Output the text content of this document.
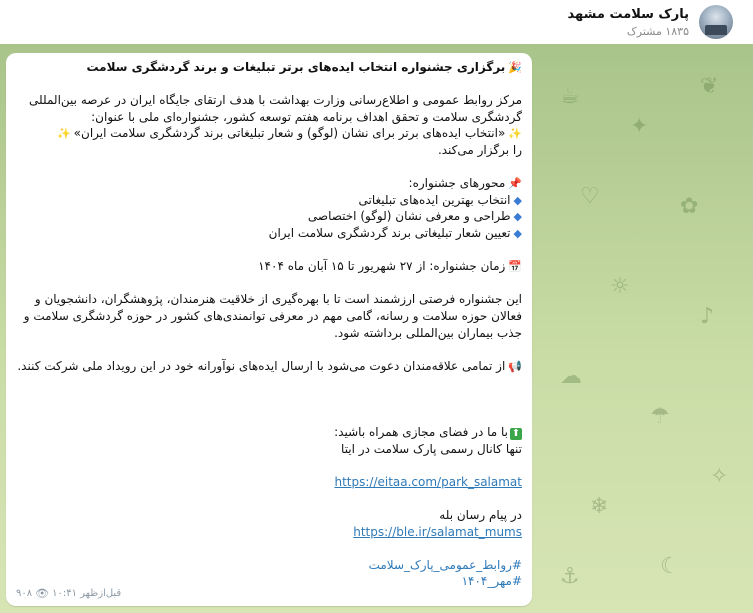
پارک سلامت مشهد
۱۸۳۵ مشترک
☕
✦
❦
♡	✿
☼
♪
☁
☂
✧
❄
☾
⚓
🎉برگزاری جشنواره انتخاب ایده‌های برتر تبلیغات و برند گردشگری سلامت
مرکز روابط عمومی و اطلاع‌رسانی وزارت بهداشت با هدف ارتقای جایگاه ایران در عرصه بین‌المللی
گردشگری سلامت و تحقق اهداف برنامه هفتم توسعه کشور، جشنواره‌ای ملی با عنوان:
✨«انتخاب ایده‌های برتر برای نشان (لوگو) و شعار تبلیغاتی برند گردشگری سلامت ایران»✨
را برگزار می‌کند.
📌محورهای جشنواره:
◆انتخاب بهترین ایده‌های تبلیغاتی
◆طراحی و معرفی نشان (لوگو) اختصاصی
◆تعیین شعار تبلیغاتی برند گردشگری سلامت ایران
📅زمان جشنواره: از ۲۷ شهریور تا ۱۵ آبان ماه ۱۴۰۴
این جشنواره فرصتی ارزشمند است تا با بهره‌گیری از خلاقیت هنرمندان، پژوهشگران، دانشجویان و
فعالان حوزه سلامت و رسانه، گامی مهم در معرفی توانمندی‌های کشور در حوزه گردشگری سلامت و
جذب بیماران بین‌المللی برداشته شود.
📢از تمامی علاقه‌مندان دعوت می‌شود با ارسال ایده‌های نوآورانه خود در این رویداد ملی شرکت کنند.
⬆با ما در فضای مجازی همراه باشید:
تنها کانال رسمی پارک سلامت در ایتا
https://eitaa.com/park_salamat
در پیام رسان بله
https://ble.ir/salamat_mums
#روابط_عمومی_پارک_سلامت
#مهر_۱۴۰۴
۹۰۸ 👁 ۱۰:۴۱ قبل‌ازظهر
